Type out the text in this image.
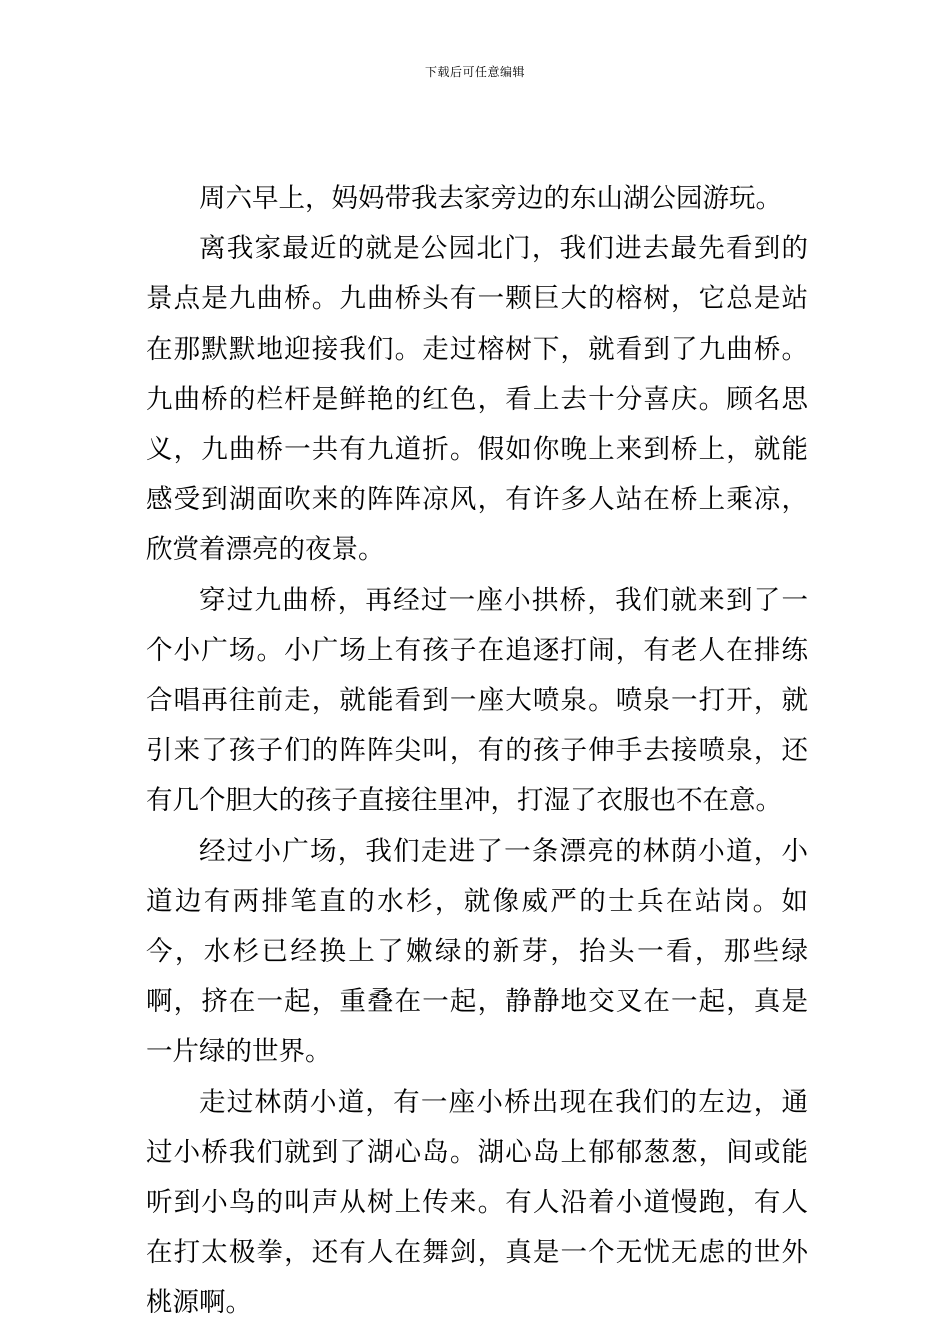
下载后可任意编辑

周六早上，妈妈带我去家旁边的东山湖公园游玩。

离我家最近的就是公园北门，我们进去最先看到的景点是九曲桥。九曲桥头有一颗巨大的榕树，它总是站在那默默地迎接我们。走过榕树下，就看到了九曲桥。九曲桥的栏杆是鲜艳的红色，看上去十分喜庆。顾名思义，九曲桥一共有九道折。假如你晚上来到桥上，就能感受到湖面吹来的阵阵凉风，有许多人站在桥上乘凉，欣赏着漂亮的夜景。

穿过九曲桥，再经过一座小拱桥，我们就来到了一个小广场。小广场上有孩子在追逐打闹，有老人在排练合唱再往前走，就能看到一座大喷泉。喷泉一打开，就引来了孩子们的阵阵尖叫，有的孩子伸手去接喷泉，还有几个胆大的孩子直接往里冲，打湿了衣服也不在意。

经过小广场，我们走进了一条漂亮的林荫小道，小道边有两排笔直的水杉，就像威严的士兵在站岗。如今，水杉已经换上了嫩绿的新芽，抬头一看，那些绿啊，挤在一起，重叠在一起，静静地交叉在一起，真是一片绿的世界。

走过林荫小道，有一座小桥出现在我们的左边，通过小桥我们就到了湖心岛。湖心岛上郁郁葱葱，间或能听到小鸟的叫声从树上传来。有人沿着小道慢跑，有人在打太极拳，还有人在舞剑，真是一个无忧无虑的世外桃源啊。
